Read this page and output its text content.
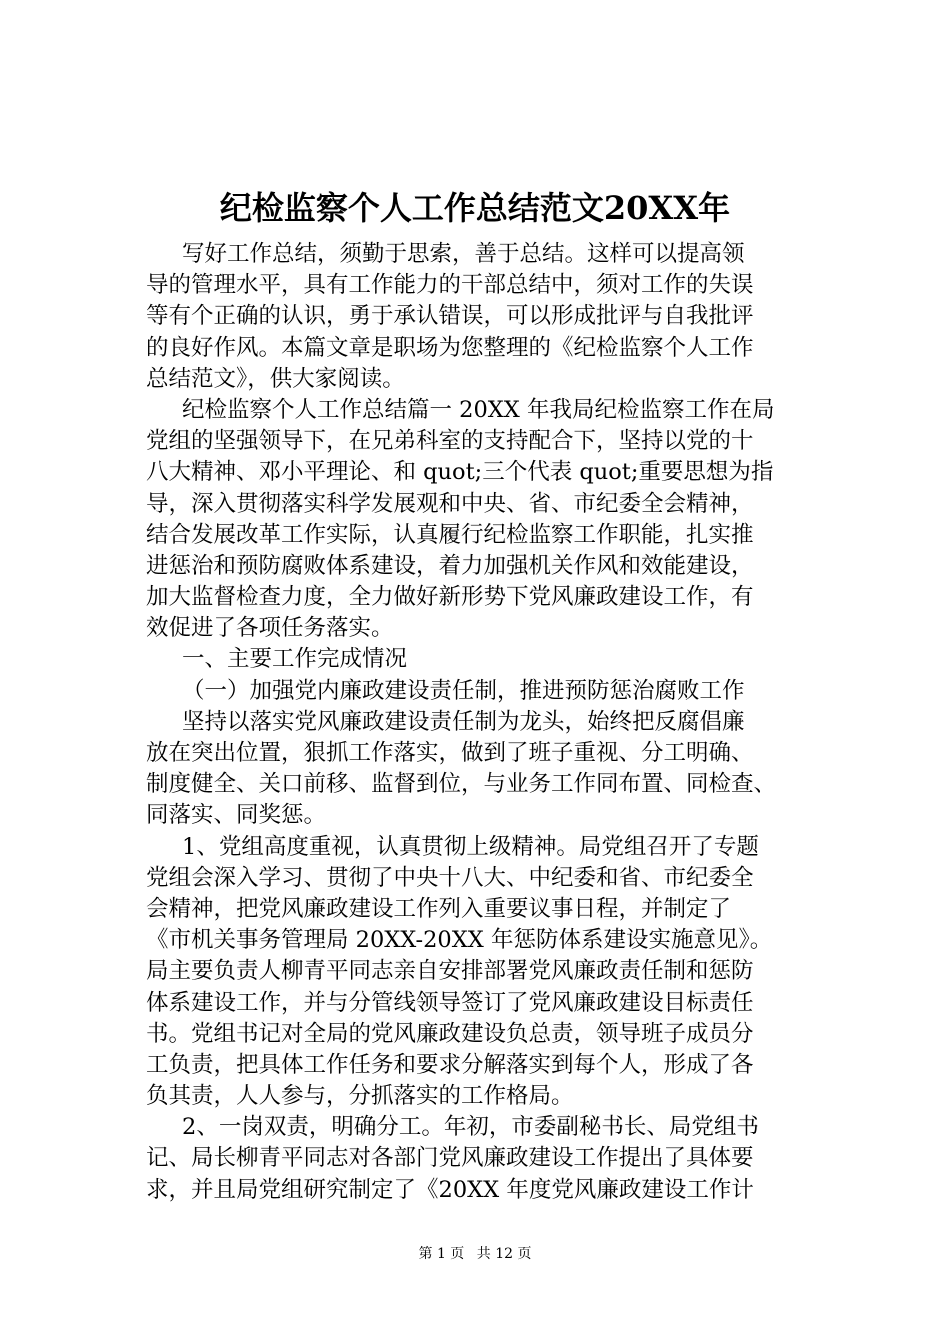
纪检监察个人工作总结范文20XX年
写好工作总结，须勤于思索，善于总结。这样可以提高领
导的管理水平，具有工作能力的干部总结中，须对工作的失误
等有个正确的认识，勇于承认错误，可以形成批评与自我批评
的良好作风。本篇文章是职场为您整理的《纪检监察个人工作
总结范文》，供大家阅读。
纪检监察个人工作总结篇一 20XX 年我局纪检监察工作在局
党组的坚强领导下，在兄弟科室的支持配合下，坚持以党的十
八大精神、邓小平理论、和 quot;三个代表 quot;重要思想为指
导，深入贯彻落实科学发展观和中央、省、市纪委全会精神，
结合发展改革工作实际，认真履行纪检监察工作职能，扎实推
进惩治和预防腐败体系建设，着力加强机关作风和效能建设，
加大监督检查力度，全力做好新形势下党风廉政建设工作，有
效促进了各项任务落实。
一、主要工作完成情况
（一）加强党内廉政建设责任制，推进预防惩治腐败工作
坚持以落实党风廉政建设责任制为龙头，始终把反腐倡廉
放在突出位置，狠抓工作落实，做到了班子重视、分工明确、
制度健全、关口前移、监督到位，与业务工作同布置、同检查、
同落实、同奖惩。
1、党组高度重视，认真贯彻上级精神。局党组召开了专题
党组会深入学习、贯彻了中央十八大、中纪委和省、市纪委全
会精神，把党风廉政建设工作列入重要议事日程，并制定了
《市机关事务管理局 20XX-20XX 年惩防体系建设实施意见》。
局主要负责人柳青平同志亲自安排部署党风廉政责任制和惩防
体系建设工作，并与分管线领导签订了党风廉政建设目标责任
书。党组书记对全局的党风廉政建设负总责，领导班子成员分
工负责，把具体工作任务和要求分解落实到每个人，形成了各
负其责，人人参与，分抓落实的工作格局。
2、一岗双责，明确分工。年初，市委副秘书长、局党组书
记、局长柳青平同志对各部门党风廉政建设工作提出了具体要
求，并且局党组研究制定了《20XX 年度党风廉政建设工作计
第 1 页 共 12 页
